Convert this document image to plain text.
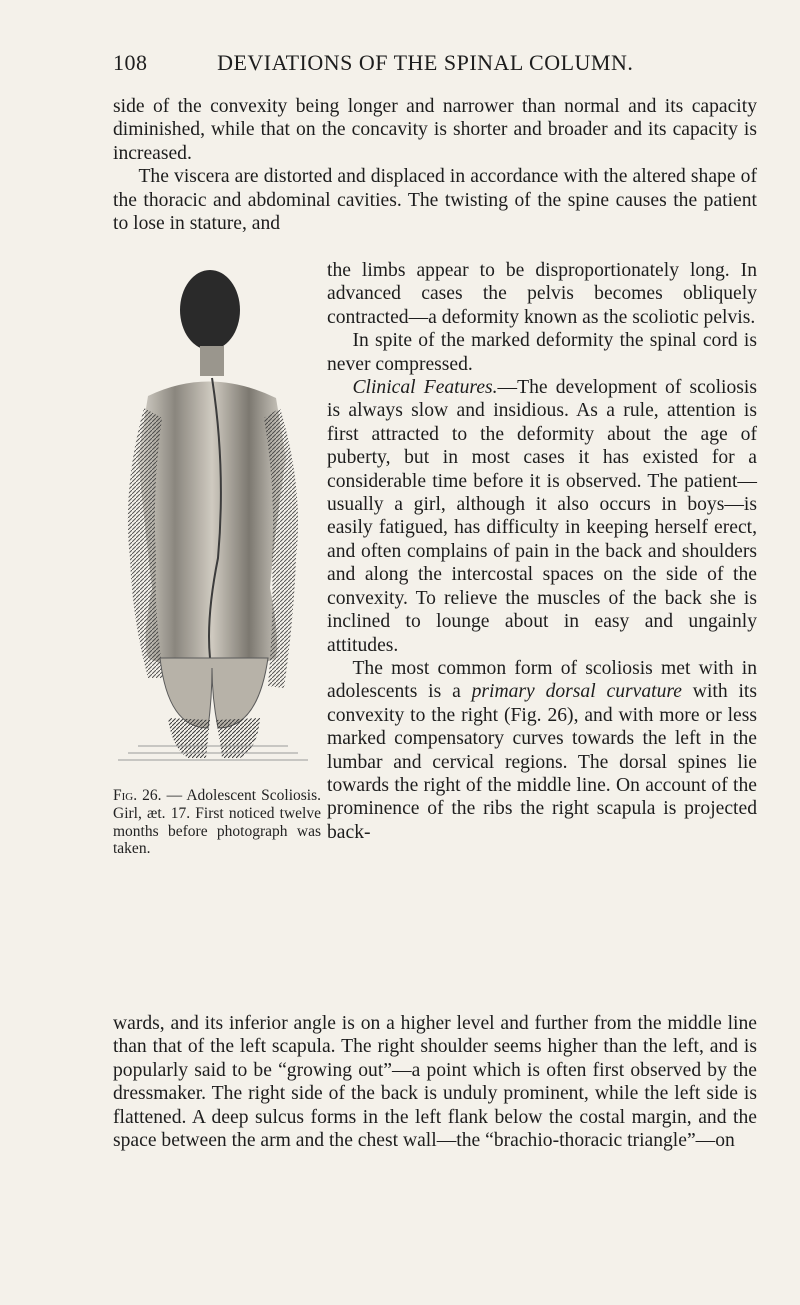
108	DEVIATIONS OF THE SPINAL COLUMN.

side of the convexity being longer and narrower than normal and its capacity diminished, while that on the concavity is shorter and broader and its capacity is increased.

The viscera are distorted and displaced in accordance with the altered shape of the thoracic and abdominal cavities. The twisting of the spine causes the patient to lose in stature, and

the limbs appear to be disproportionately long. In advanced cases the pelvis becomes obliquely contracted—a deformity known as the scoliotic pelvis.

In spite of the marked deformity the spinal cord is never compressed.

Clinical Features.—The development of scoliosis is always slow and insidious. As a rule, attention is first attracted to the deformity about the age of puberty, but in most cases it has existed for a considerable time before it is observed. The patient—usually a girl, although it also occurs in boys—is easily fatigued, has difficulty in keeping herself erect, and often complains of pain in the back and shoulders and along the intercostal spaces on the side of the convexity. To relieve the muscles of the back she is inclined to lounge about in easy and ungainly attitudes.

The most common form of scoliosis met with in adolescents is a primary dorsal curvature with its convexity to the right (Fig. 26), and with more or less marked compensatory curves towards the left in the lumbar and cervical regions. The dorsal spines lie towards the right of the middle line. On account of the prominence of the ribs the right scapula is projected back-

Fig. 26. — Adolescent Scoliosis. Girl, æt. 17. First noticed twelve months before photograph was taken.

wards, and its inferior angle is on a higher level and further from the middle line than that of the left scapula. The right shoulder seems higher than the left, and is popularly said to be “growing out”—a point which is often first observed by the dressmaker. The right side of the back is unduly prominent, while the left side is flattened. A deep sulcus forms in the left flank below the costal margin, and the space between the arm and the chest wall—the “brachio-thoracic triangle”—on
